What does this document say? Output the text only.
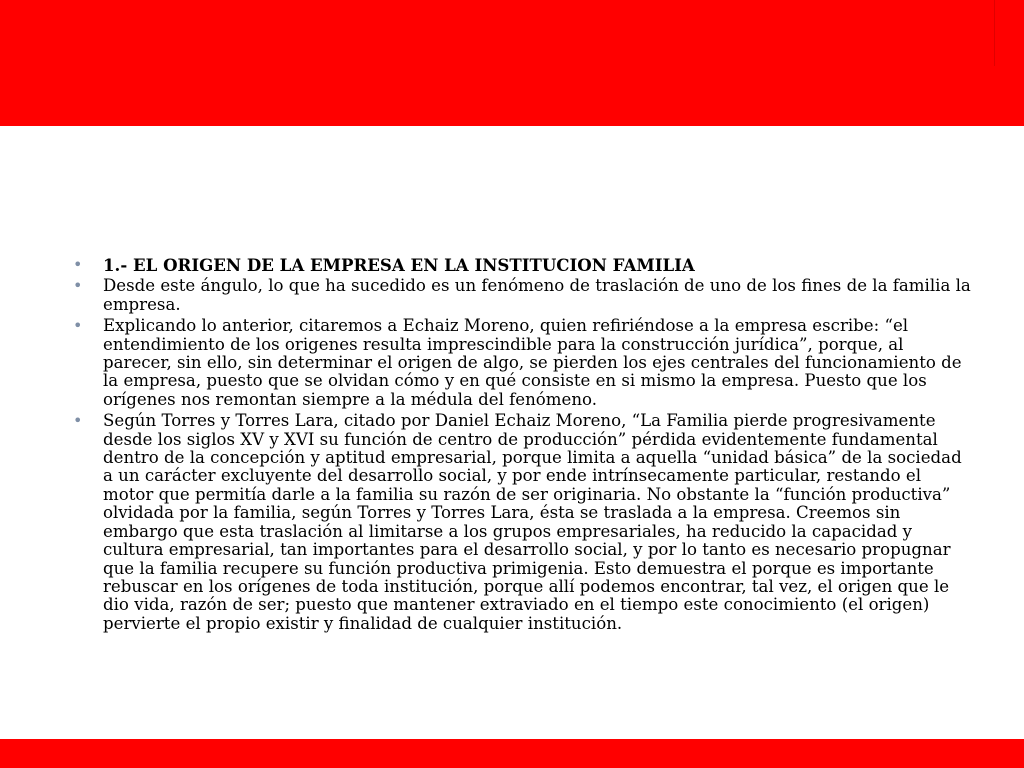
•	1.- EL ORIGEN DE LA EMPRESA EN LA INSTITUCION FAMILIA
•	Desde este ángulo, lo que ha sucedido es un fenómeno de traslación de uno de los fines de la familia la empresa.
•	Explicando lo anterior, citaremos a Echaiz Moreno, quien refiriéndose a la empresa escribe: “el entendimiento de los origenes resulta imprescindible para la construcción jurídica”, porque, al parecer, sin ello, sin determinar el origen de algo, se pierden los ejes centrales del funcionamiento de la empresa, puesto que se olvidan cómo y en qué consiste en si mismo la empresa. Puesto que los orígenes nos remontan siempre a la médula del fenómeno.
•	Según Torres y Torres Lara, citado por Daniel Echaiz Moreno, “La Familia pierde progresivamente desde los siglos XV y XVI su función de centro de producción” pérdida evidentemente fundamental dentro de la concepción y aptitud empresarial, porque limita a aquella “unidad básica” de la sociedad a un carácter excluyente del desarrollo social, y por ende intrínsecamente particular, restando el motor que permitía darle a la familia su razón de ser originaria. No obstante la “función productiva” olvidada por la familia, según Torres y Torres Lara, ésta se traslada a la empresa. Creemos sin embargo que esta traslación al limitarse a los grupos empresariales, ha reducido la capacidad y cultura empresarial, tan importantes para el desarrollo social, y por lo tanto es necesario propugnar que la familia recupere su función productiva primigenia. Esto demuestra el porque es importante rebuscar en los orígenes de toda institución, porque allí podemos encontrar, tal vez, el origen que le dio vida, razón de ser; puesto que mantener extraviado en el tiempo este conocimiento (el origen) pervierte el propio existir y finalidad de cualquier institución.
